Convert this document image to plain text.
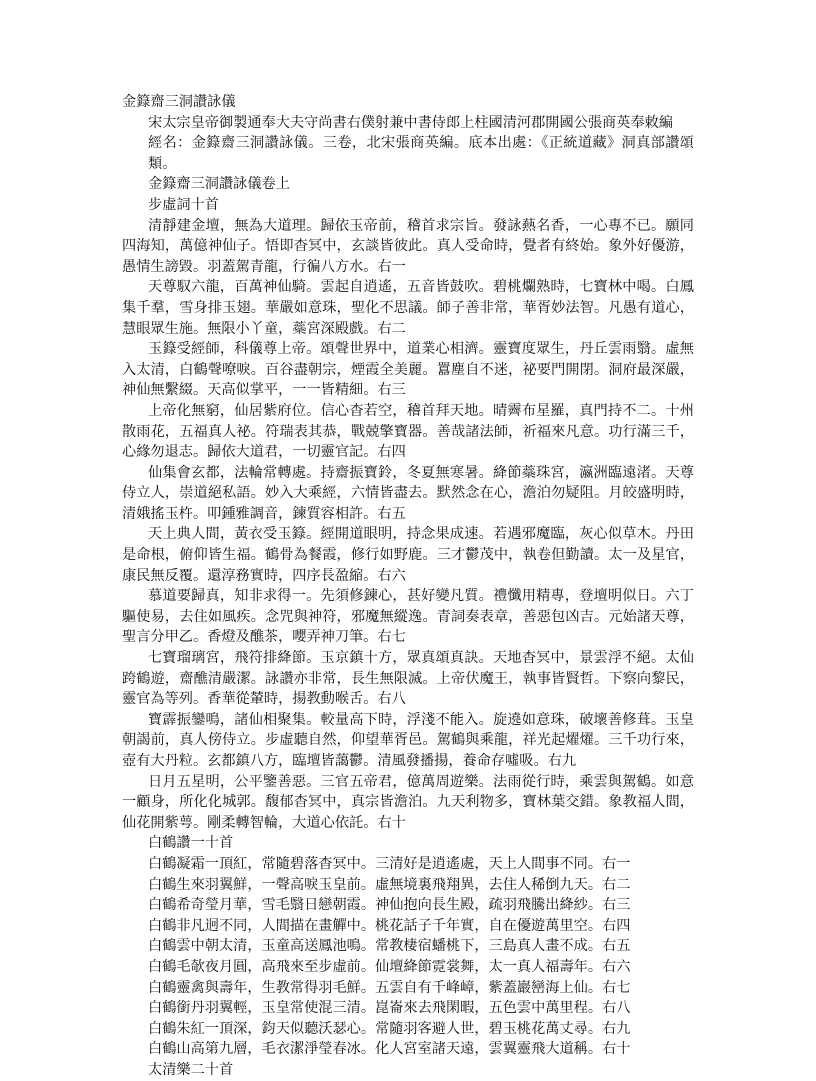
金籙齋三洞讚詠儀

宋太宗皇帝御製通奉大夫守尚書右僕射兼中書侍郎上柱國清河郡開國公張商英奉敕編

經名：金籙齋三洞讚詠儀。三卷，北宋張商英編。底本出處：《正統道藏》洞真部讚頌類。

金籙齋三洞讚詠儀卷上

步虛詞十首

清靜建金壇，無為大道理。歸依玉帝前，稽首求宗旨。發詠爇名香，一心專不已。願同四海知，萬億神仙子。悟即杳冥中，玄談皆彼此。真人受命時，覺者有終始。象外好優游，愚情生謗毀。羽蓋駕青龍，行徧八方水。右一

天尊馭六龍，百萬神仙騎。雲起自逍遙，五音皆鼓吹。碧桃爛熟時，七寶林中喝。白鳳集千羣，雪身排玉翅。華嚴如意珠，聖化不思議。師子善非常，華胥妙法智。凡愚有道心，慧眼眾生施。無限小丫童，蘂宮深殿戲。右二

玉籙受經師，科儀尊上帝。頌聲世界中，道業心相濟。靈寶度眾生，丹丘雲雨翳。虛無入太清，白鶴聲嘹唳。百谷盡朝宗，煙霞全美麗。囂塵自不迷，祕要門開閉。洞府最深嚴，神仙無繫綴。天高似掌平，一一皆精細。右三

上帝化無窮，仙居紫府位。信心杳若空，稽首拜天地。晴霽布星羅，真門持不二。十州散雨花，五福真人祕。符瑞表其恭，戰兢擎寶器。善哉諸法師，祈福來凡意。功行滿三千，心緣勿退志。歸依大道君，一切靈官記。右四

仙集會玄都，法輪常轉處。持齋振寶鈴，冬夏無寒暑。絳節蘂珠宮，瀛洲臨遠渚。天尊侍立人，崇道絕私語。妙入大乘經，六情皆盡去。默然念在心，澹泊勿疑阻。月皎盛明時，清娥搖玉杵。叩鍾雅調音，鍊質容相許。右五

天上典人間，黃衣受玉籙。經開道眼明，持念果成速。若遇邪魔臨，灰心似草木。丹田是命根，俯仰皆生福。鶴骨為餐霞，修行如野鹿。三才鬱茂中，執卷但勤讀。太一及星官，康民無反覆。還淳務實時，四序長盈縮。右六

慕道要歸真，知非求得一。先須修鍊心，甚好變凡質。禮懺用精專，登壇明似日。六丁驅使易，去住如風疾。念咒與神符，邪魔無縱逸。青詞奏表章，善惡包凶吉。元始諸天尊，聖言分甲乙。香燈及醮茶，嚶弄神刀筆。右七

七寶瑠璃宮，飛符排絳節。玉京鎮十方，眾真頌真訣。天地杳冥中，景雲浮不絕。太仙跨鶴遊，齋醮清嚴潔。詠讚亦非常，長生無限滅。上帝伏魔王，執事皆賢哲。下察向黎民，靈官為等列。香華從輦時，揚教動喉舌。右八

寶霹振鑾鳴，諸仙相聚集。較量高下時，浮淺不能入。旋遶如意珠，破壞善修葺。玉皇朝謁前，真人傍侍立。步虛聽自然，仰望華胥邑。駕鶴與乘龍，祥光起燿燿。三千功行來，壺有大丹粒。玄都鎮八方，臨壇皆藹鬱。清風發播揚，養命存噓吸。右九

日月五星明，公平鑒善惡。三官五帝君，億萬周遊樂。法雨從行時，乘雲與駕鶴。如意一顧身，所化化城郭。馥郁杳冥中，真宗皆澹泊。九天利物多，寶林葉交錯。象教福人間，仙花開紫萼。剛柔轉智輪，大道心依託。右十

白鶴讚一十首

白鶴凝霜一頂紅，常隨碧落杳冥中。三清好是逍遙處，天上人間事不同。右一

白鶴生來羽翼鮮，一聲高唳玉皇前。虛無境裏飛翔異，去住人稀倒九天。右二

白鶴希奇瑩月華，雪毛翳日戀朝霞。神仙抱向長生殿，疏羽飛騰出絳紗。右三

白鶴非凡迥不同，人間描在畫觶中。桃花話子千年實，自在優遊萬里空。右四

白鶴雲中朝太清，玉童高送鳳池鳴。常教棲宿蟠桃下，三島真人畫不成。右五

白鶴毛欹夜月圓，高飛來至步虛前。仙壇絳節霓裳舞，太一真人福壽年。右六

白鶴靈禽與壽年，生教常得羽毛鮮。五雲自有千峰嶂，紫蓋巖巒海上仙。右七

白鶴銜丹羽翼輕，玉皇常使混三清。崑崙來去飛閑暇，五色雲中萬里程。右八

白鶴朱紅一頂深，鈞天似聽沃瑟心。常隨羽客避人世，碧玉桃花萬丈尋。右九

白鶴山高第九層，毛衣潔淨瑩春冰。化人宮室諸天遠，雲翼靈飛大道稱。右十

太清樂二十首
